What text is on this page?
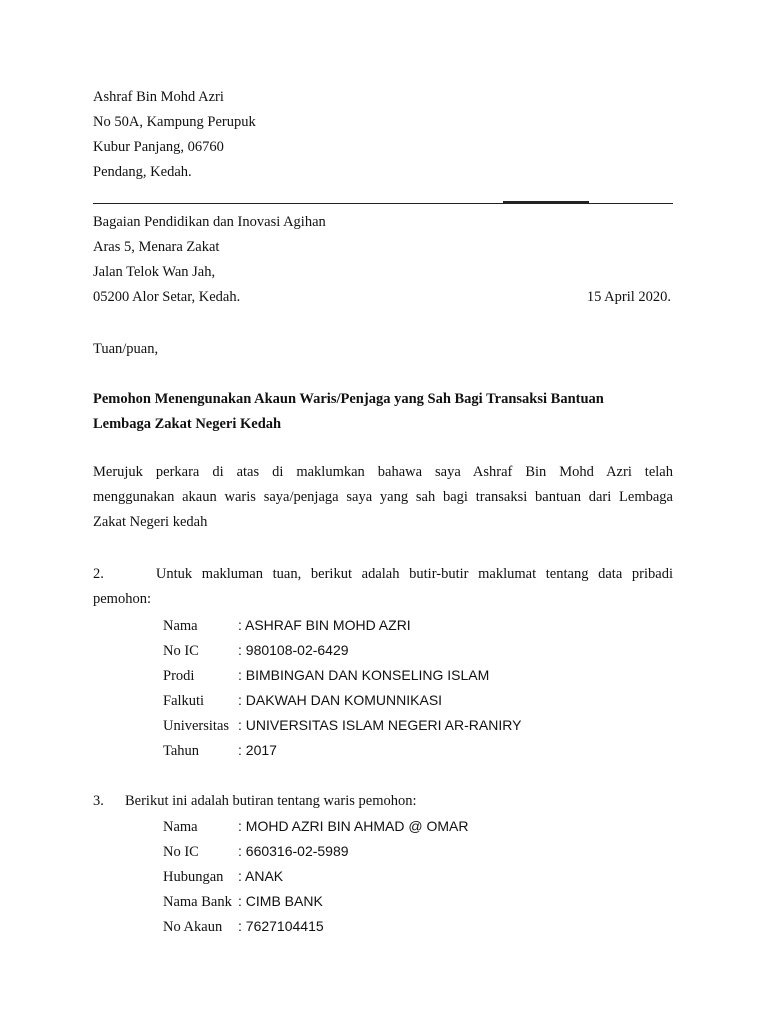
Ashraf Bin Mohd Azri
No 50A, Kampung Perupuk
Kubur Panjang, 06760
Pendang, Kedah.
Bagaian Pendidikan dan Inovasi Agihan
Aras 5, Menara Zakat
Jalan Telok Wan Jah,
05200 Alor Setar, Kedah.	15 April 2020.
Tuan/puan,
Pemohon Menengunakan Akaun Waris/Penjaga yang Sah Bagi Transaksi Bantuan
Lembaga Zakat Negeri Kedah
Merujuk perkara di atas di maklumkan bahawa saya Ashraf Bin Mohd Azri telah
menggunakan akaun waris saya/penjaga saya yang sah bagi transaksi bantuan dari Lembaga
Zakat Negeri kedah
2.	Untuk makluman tuan, berikut adalah butir-butir maklumat tentang data pribadi
pemohon:
Nama	: ASHRAF BIN MOHD AZRI
No IC	: 980108-02-6429
Prodi	: BIMBINGAN DAN KONSELING ISLAM
Falkuti : DAKWAH DAN KOMUNNIKASI
Universitas : UNIVERSITAS ISLAM NEGERI AR-RANIRY
Tahun	: 2017
3. Berikut ini adalah butiran tentang waris pemohon:
Nama	: MOHD AZRI BIN AHMAD @ OMAR
No IC	: 660316-02-5989
Hubungan : ANAK
Nama Bank : CIMB BANK
No Akaun : 7627104415
